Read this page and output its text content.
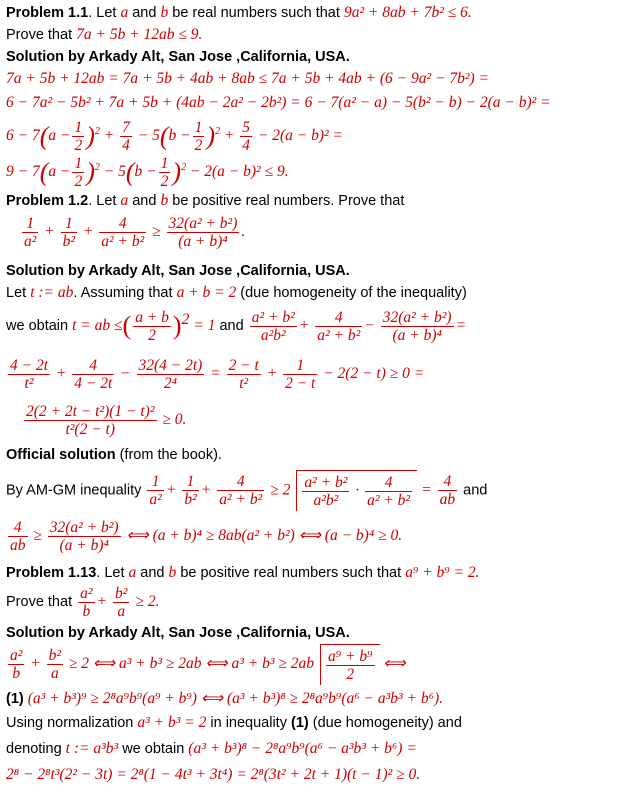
Problem 1.1. Let a and b be real numbers such that 9a² + 8ab + 7b² ≤ 6.
Prove that 7a + 5b + 12ab ≤ 9.
Solution by Arkady Alt, San Jose ,California, USA.
7a + 5b + 12ab = 7a + 5b + 4ab + 8ab ≤ 7a + 5b + 4ab + (6 − 9a² − 7b²) =
6 − 7a² − 5b² + 7a + 5b + (4ab − 2a² − 2b²) = 6 − 7(a² − a) − 5(b² − b) − 2(a − b)² =
$6 - 7(a - \frac{1}{2} )^2 + \frac{7}{4} - 5(b - \frac{1}{2} )^2 + \frac{5}{4} - 2(a - b)^2$ =
$9 - 7(a - \frac{1}{2} )^2 - 5(b - \frac{1}{2} )^2 - 2(a - b)^2 \le 9$.
Problem 1.2. Let a and b be positive real numbers. Prove that
$\frac{1}{\text{a²}} + \frac{1}{\text{b²}} + \frac{4}{\text{a² + b²}} \ge \frac{\text{32(a² + b²)}}{\text{(a + b)⁴}}$ .
Solution by Arkady Alt, San Jose ,California, USA.
Let t := ab. Assuming that a + b = 2 (due homogeneity of the inequality)
we obtain t = ab ≤( $\frac{a + b}{2} )^2 = 1$ and $\frac{\text{a² + b²}}{\text{a²b²}} + \frac{4}{\text{a² + b²}} - \frac{\text{32(a² + b²)}}{\text{(a + b)⁴}}$ =
$\frac{4 - 2t}{\text{t²}} + \frac{4}{4 - 2t} - \frac{32(4 - 2t)}{\text{2⁴}} = \frac{2 - t}{\text{t²}} + \frac{1}{2 - t} - 2(2 - t) \ge 0$ =
$\frac{\text{2(2 + 2t − t²)(1 − t)²}}{\text{t²(2 − t)}} \ge 0$.
Official solution (from the book).
By AM-GM inequality $\frac{1}{\text{a²}} + \frac{1}{\text{b²}} + \frac{4}{\text{a² + b²}} \ge 2 \frac{\text{a² + b²}}{\text{a²b²}} \cdot \frac{4}{\text{a² + b²}} = \frac{4}{ab}$ and
$\frac{4}{ab} \ge \frac{\text{32(a² + b²)}}{\text{(a + b)⁴}}$ ⟺ (a + b)⁴ ≥ 8ab(a² + b²) ⟺ (a − b)⁴ ≥ 0.
Problem 1.13. Let a and b be positive real numbers such that a⁹ + b⁹ = 2.
Prove that $\frac{\text{a²}}{b} + \frac{\text{b²}}{a} \ge 2$.
Solution by Arkady Alt, San Jose ,California, USA.
$\frac{\text{a²}}{b} + \frac{\text{b²}}{a} \ge 2$ ⟺ a³ + b³ ≥ 2ab ⟺ $a^3 + b^3 \ge 2ab \frac{\text{a⁹ + b⁹}}{2}$ ⟺
(1) (a³ + b³)⁹ ≥ 2⁸a⁹b⁹(a⁹ + b⁹) ⟺ (a³ + b³)⁸ ≥ 2⁸a⁹b⁹(a⁶ − a³b³ + b⁶).
Using normalization a³ + b³ = 2 in inequality (1) (due homogeneity) and
denoting t := a³b³ we obtain (a³ + b³)⁸ − 2⁸a⁹b⁹(a⁶ − a³b³ + b⁶) =
2⁸ − 2⁸t³(2² − 3t) = 2⁸(1 − 4t³ + 3t⁴) = 2⁸(3t² + 2t + 1)(t − 1)² ≥ 0.
